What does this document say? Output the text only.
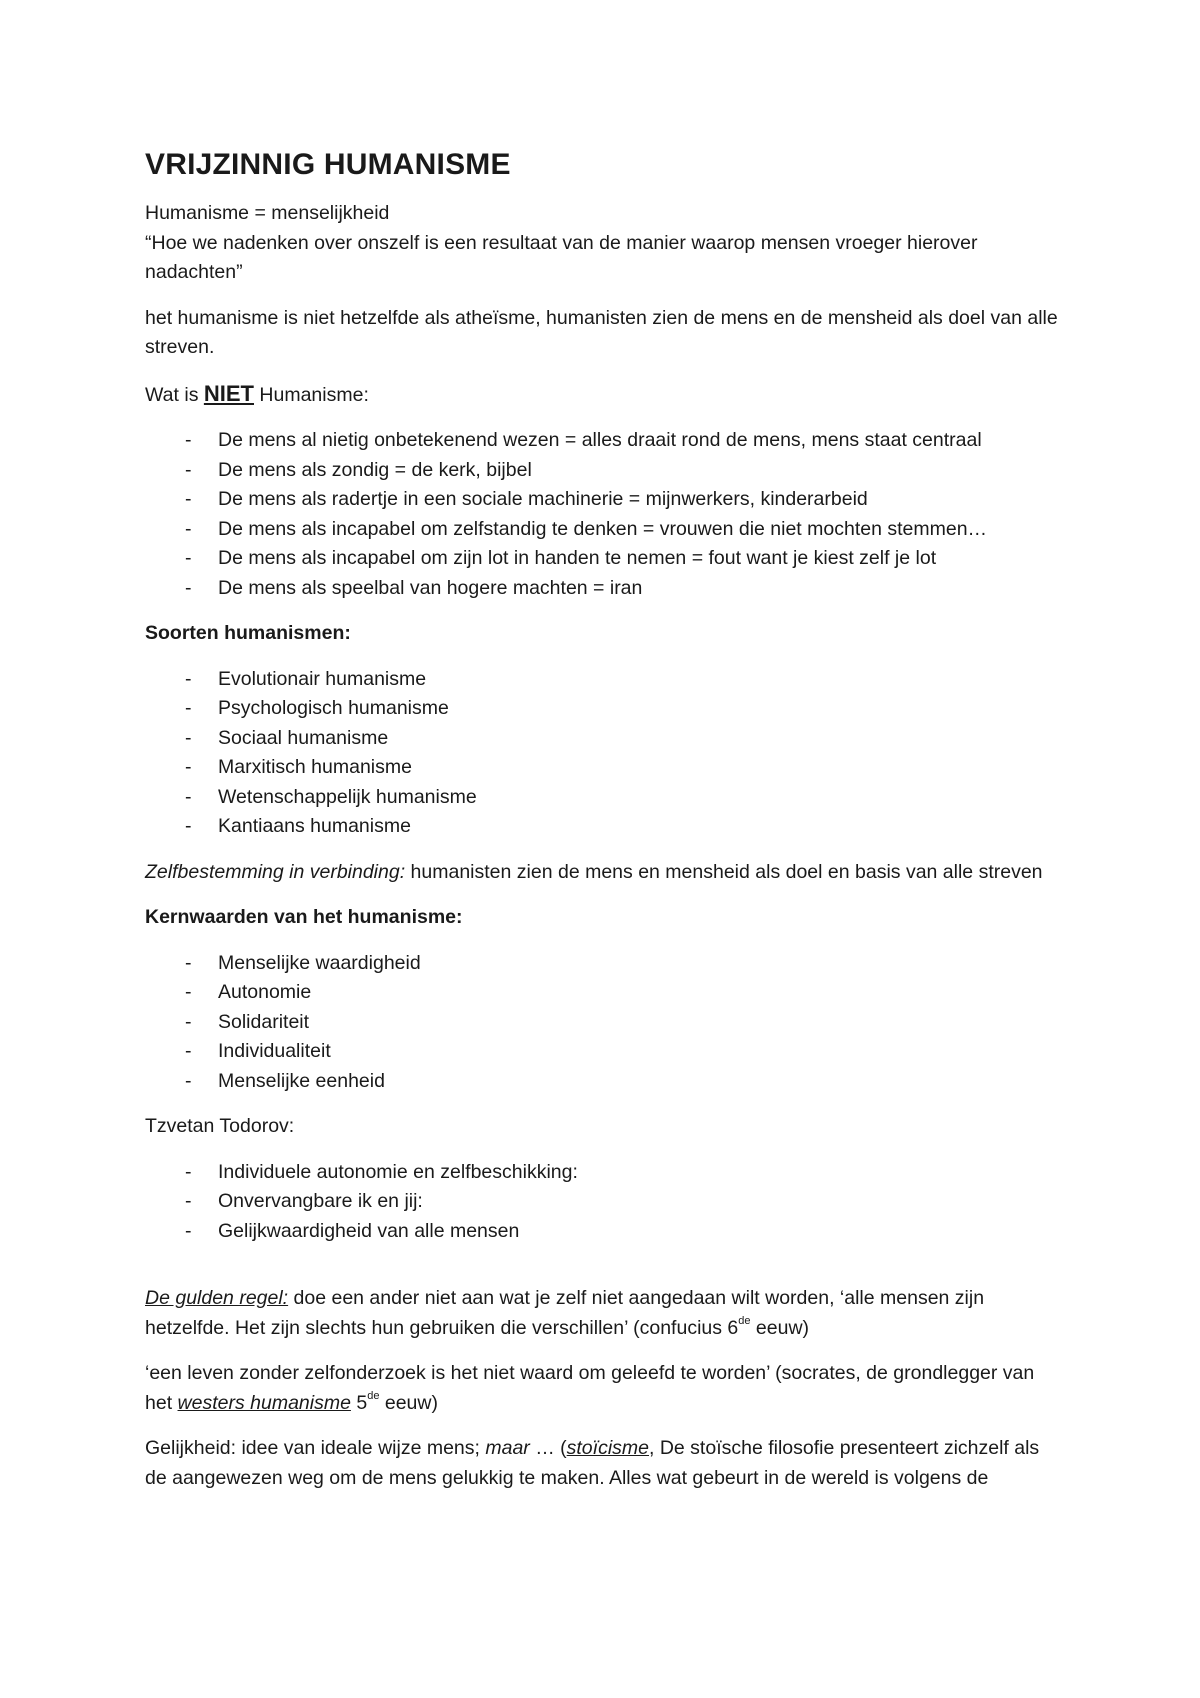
VRIJZINNIG HUMANISME

Humanisme = menselijkheid
“Hoe we nadenken over onszelf is een resultaat van de manier waarop mensen vroeger hierover nadachten”

het humanisme is niet hetzelfde als atheïsme, humanisten zien de mens en de mensheid als doel van alle streven.

Wat is NIET Humanisme:

- De mens al nietig onbetekenend wezen = alles draait rond de mens, mens staat centraal
- De mens als zondig = de kerk, bijbel
- De mens als radertje in een sociale machinerie = mijnwerkers, kinderarbeid
- De mens als incapabel om zelfstandig te denken = vrouwen die niet mochten stemmen…
- De mens als incapabel om zijn lot in handen te nemen = fout want je kiest zelf je lot
- De mens als speelbal van hogere machten = iran

Soorten humanismen:

- Evolutionair humanisme
- Psychologisch humanisme
- Sociaal humanisme
- Marxitisch humanisme
- Wetenschappelijk humanisme
- Kantiaans humanisme

Zelfbestemming in verbinding: humanisten zien de mens en mensheid als doel en basis van alle streven

Kernwaarden van het humanisme:

- Menselijke waardigheid
- Autonomie
- Solidariteit
- Individualiteit
- Menselijke eenheid

Tzvetan Todorov:

- Individuele autonomie en zelfbeschikking:
- Onvervangbare ik en jij:
- Gelijkwaardigheid van alle mensen

De gulden regel: doe een ander niet aan wat je zelf niet aangedaan wilt worden, ‘alle mensen zijn hetzelfde. Het zijn slechts hun gebruiken die verschillen’ (confucius 6de eeuw)

‘een leven zonder zelfonderzoek is het niet waard om geleefd te worden’ (socrates, de grondlegger van het westers humanisme 5de eeuw)

Gelijkheid: idee van ideale wijze mens; maar … (stoïcisme, De stoïsche filosofie presenteert zichzelf als de aangewezen weg om de mens gelukkig te maken. Alles wat gebeurt in de wereld is volgens de
